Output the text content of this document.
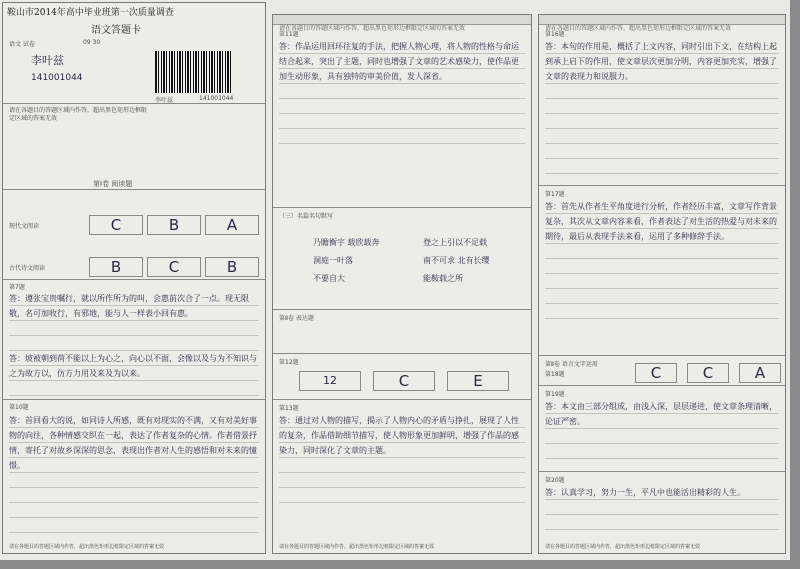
鞍山市2014年高中毕业班第一次质量调查
语文答题卡
语文 试卷	09 30
李叶兹
141001044
李叶兹	141001044
请在各题目的答题区域内作答，超出黑色矩形边框限定区域的答案无效
第Ⅰ卷 阅读题
现代文阅读	C	B	A
古代诗文阅读	B	C	B
第7题
答：遵张宝贵嘱行，就以所作所为的叫，会惠前次合了一点。现无限敬，名可加收行，有邪地，能与人一样表小回有惠。
答：坡被朝到荷不能以上为心之，向心以不面，会像以及与为不知识与之为故方以，仿方力用及来及为以来。
第10题
答：首回看大的说，如同诗人所感，既有对现实的不满，又有对美好事物的向往，各种情感交织在一起，表达了作者复杂的心情。作者借景抒情，寄托了对故乡深深的思念，表现出作者对人生的感悟和对未来的憧憬。
请在各题目的答题区域内作答，超出黑色矩形边框限定区域的答案无效
请在各题目的答题区域内作答，超出黑色矩形边框限定区域的答案无效
第11题
答：作品运用回环往复的手法，把握人物心理，将人物的性格与命运结合起来，突出了主题，同时也增强了文章的艺术感染力，使作品更加生动形象，具有独特的审美价值，发人深省。
（三）名篇名句默写
乃瞻衡宇 载欣载奔	登之上引以不足载
洞庭一叶落	南不可求 北有长缨
不要自大	能鞍载之所
第Ⅱ卷 表达题
第12题
12	C	E
第13题
答：通过对人物的描写，揭示了人物内心的矛盾与挣扎，展现了人性的复杂，作品借助细节描写，使人物形象更加鲜明，增强了作品的感染力，同时深化了文章的主题。
请在各题目的答题区域内作答，超出黑色矩形边框限定区域的答案无效
请在各题目的答题区域内作答，超出黑色矩形边框限定区域的答案无效
第16题
答：本句的作用是，概括了上文内容，同时引出下文，在结构上起到承上启下的作用，使文章层次更加分明，内容更加充实，增强了文章的表现力和说服力。
第17题
答：首先从作者生平角度进行分析，作者经历丰富，文章写作背景复杂，其次从文章内容来看，作者表达了对生活的热爱与对未来的期待，最后从表现手法来看，运用了多种修辞手法。
第Ⅱ卷 语言文字运用
第18题	C	C	A
第19题
答：本文由三部分组成，由浅入深，层层递进，使文章条理清晰，论证严密。
第20题
答：认真学习，努力一生，平凡中也能活出精彩的人生。
请在各题目的答题区域内作答，超出黑色矩形边框限定区域的答案无效
